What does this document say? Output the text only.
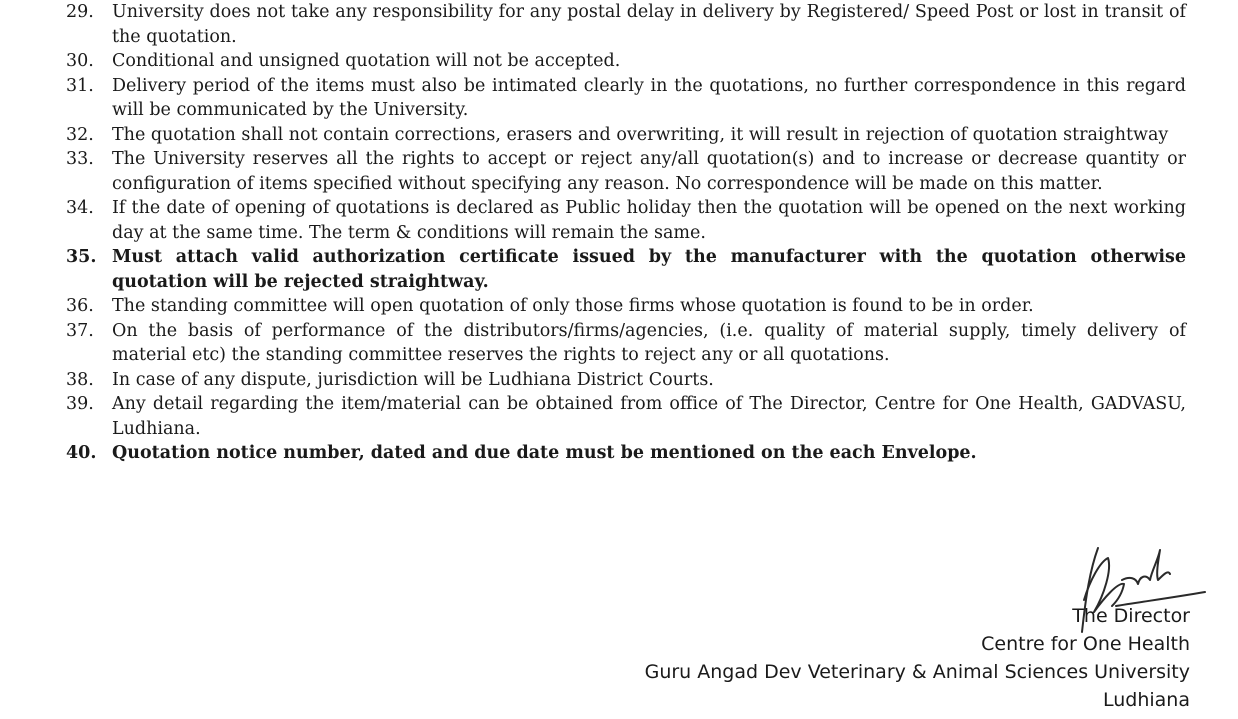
29.	University does not take any responsibility for any postal delay in delivery by Registered/ Speed Post or lost in transit of the quotation.
30.	Conditional and unsigned quotation will not be accepted.
31.	Delivery period of the items must also be intimated clearly in the quotations, no further correspondence in this regard will be communicated by the University.
32.	The quotation shall not contain corrections, erasers and overwriting, it will result in rejection of quotation straightway
33.	The University reserves all the rights to accept or reject any/all quotation(s) and to increase or decrease quantity or configuration of items specified without specifying any reason. No correspondence will be made on this matter.
34.	If the date of opening of quotations is declared as Public holiday then the quotation will be opened on the next working day at the same time. The term & conditions will remain the same.
35. Must attach valid authorization certificate issued by the manufacturer with the quotation otherwise quotation will be rejected straightway.
36.	The standing committee will open quotation of only those firms whose quotation is found to be in order.
37.	On the basis of performance of the distributors/firms/agencies, (i.e. quality of material supply, timely delivery of material etc) the standing committee reserves the rights to reject any or all quotations.
38.	In case of any dispute, jurisdiction will be Ludhiana District Courts.
39.	Any detail regarding the item/material can be obtained from office of The Director, Centre for One Health, GADVASU, Ludhiana.
40. Quotation notice number, dated and due date must be mentioned on the each Envelope.
The Director
Centre for One Health
Guru Angad Dev Veterinary & Animal Sciences University
Ludhiana
